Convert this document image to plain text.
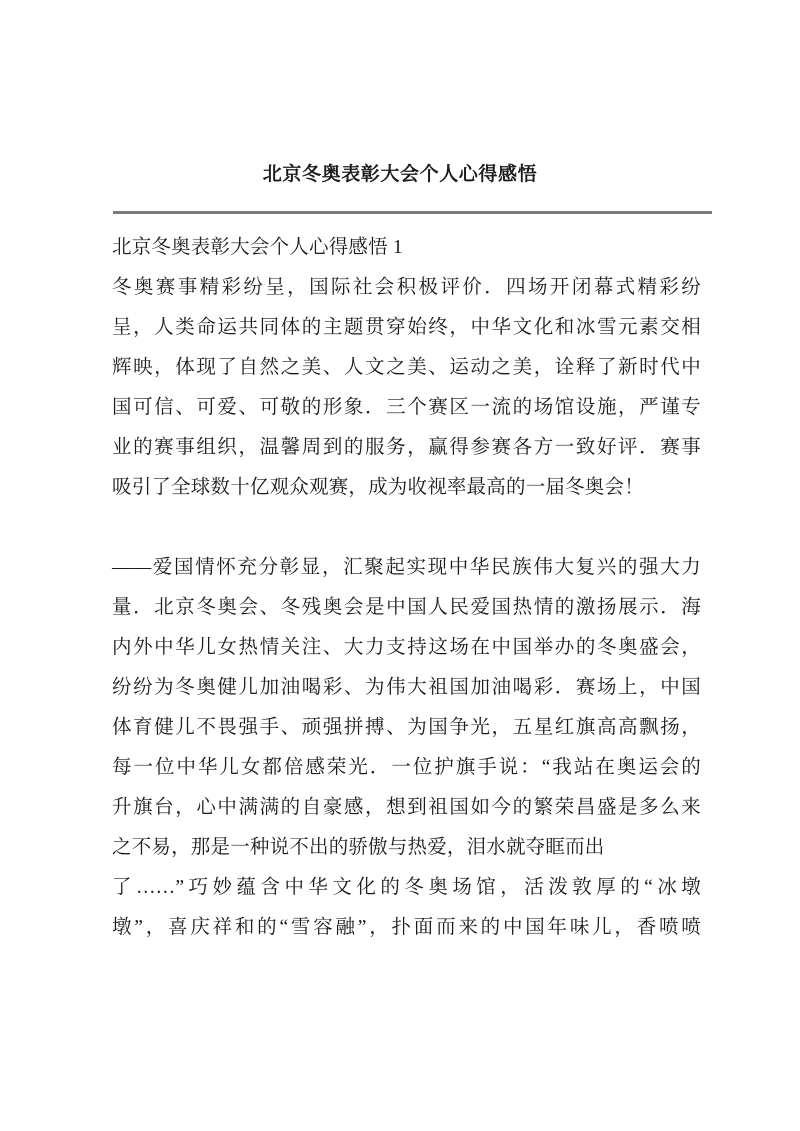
北京冬奥表彰大会个人心得感悟
北京冬奥表彰大会个人心得感悟 1
冬奥赛事精彩纷呈，国际社会积极评价．四场开闭幕式精彩纷
呈，人类命运共同体的主题贯穿始终，中华文化和冰雪元素交相
辉映，体现了自然之美、人文之美、运动之美，诠释了新时代中
国可信、可爱、可敬的形象．三个赛区一流的场馆设施，严谨专
业的赛事组织，温馨周到的服务，赢得参赛各方一致好评．赛事
吸引了全球数十亿观众观赛，成为收视率最高的一届冬奥会！
——爱国情怀充分彰显，汇聚起实现中华民族伟大复兴的强大力
量．北京冬奥会、冬残奥会是中国人民爱国热情的激扬展示．海
内外中华儿女热情关注、大力支持这场在中国举办的冬奥盛会，
纷纷为冬奥健儿加油喝彩、为伟大祖国加油喝彩．赛场上，中国
体育健儿不畏强手、顽强拼搏、为国争光，五星红旗高高飘扬，
每一位中华儿女都倍感荣光．一位护旗手说：“我站在奥运会的
升旗台，心中满满的自豪感，想到祖国如今的繁荣昌盛是多么来
之不易，那是一种说不出的骄傲与热爱，泪水就夺眶而出
了……”巧妙蕴含中华文化的冬奥场馆，活泼敦厚的“冰墩
墩”，喜庆祥和的“雪容融”，扑面而来的中国年味儿，香喷喷
